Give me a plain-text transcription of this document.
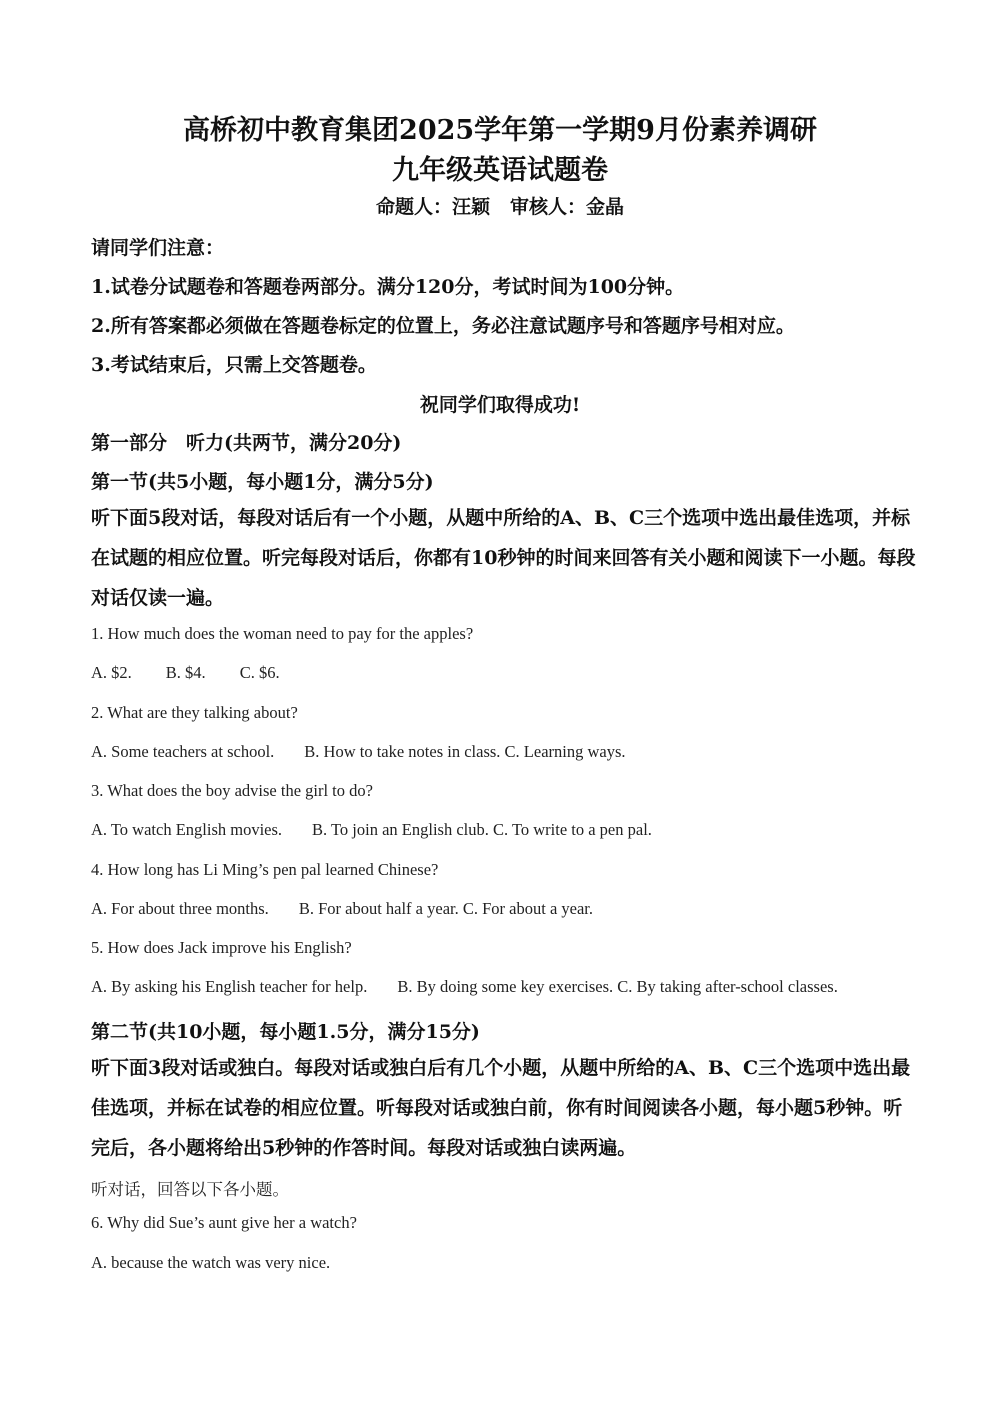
高桥初中教育集团2025学年第一学期9月份素养调研
九年级英语试题卷
命题人：汪颖 审核人：金晶
请同学们注意：
1.试卷分试题卷和答题卷两部分。满分120分，考试时间为100分钟。
2.所有答案都必须做在答题卷标定的位置上，务必注意试题序号和答题序号相对应。
3.考试结束后，只需上交答题卷。
祝同学们取得成功!
第一部分　听力(共两节，满分20分)
第一节(共5小题，每小题1分，满分5分)
听下面5段对话，每段对话后有一个小题，从题中所给的A、B、C三个选项中选出最佳选项，并标在试题的相应位置。听完每段对话后，你都有10秒钟的时间来回答有关小题和阅读下一小题。每段对话仅读一遍。
1. How much does the woman need to pay for the apples?
A. $2. B. $4. C. $6.
2. What are they talking about?
A. Some teachers at school. B. How to take notes in class. C. Learning ways.
3. What does the boy advise the girl to do?
A. To watch English movies. B. To join an English club. C. To write to a pen pal.
4. How long has Li Ming’s pen pal learned Chinese?
A. For about three months. B. For about half a year. C. For about a year.
5. How does Jack improve his English?
A. By asking his English teacher for help. B. By doing some key exercises. C. By taking after-school classes.
第二节(共10小题，每小题1.5分，满分15分)
听下面3段对话或独白。每段对话或独白后有几个小题，从题中所给的A、B、C三个选项中选出最佳选项，并标在试卷的相应位置。听每段对话或独白前，你有时间阅读各小题，每小题5秒钟。听完后，各小题将给出5秒钟的作答时间。每段对话或独白读两遍。
听对话，回答以下各小题。
6. Why did Sue’s aunt give her a watch?
A. because the watch was very nice.
